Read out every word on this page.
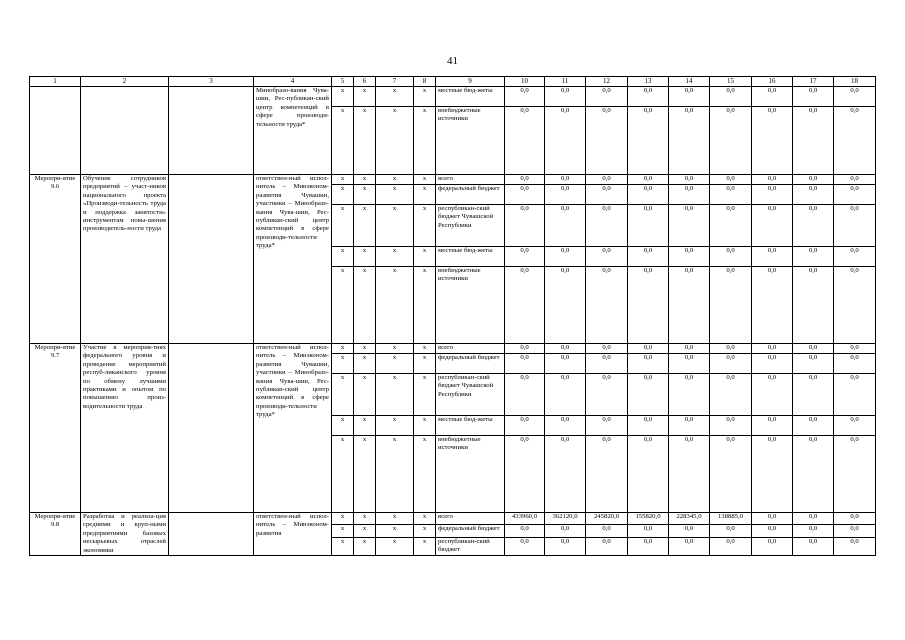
41
1	2	3	4	5	6	7	8	9	10	11	12	13	14	15	16	17	18
			Минобразо-вания Чува-шии, Рес-публикан-ский центр компетенций в сфере производи-тельности труда*	x	x	x	x	местные бюд-жеты	0,0	0,0	0,0	0,0	0,0	0,0	0,0	0,0	0,0
				x	x	x	x	внебюджетные источники	0,0	0,0	0,0	0,0	0,0	0,0	0,0	0,0	0,0
Меропри-ятие 9.6	Обучение сотрудников предприятий – участ-ников национального проекта «Производи-тельность труда и поддержка занятости» инструментам повы-шения производитель-ности труда		ответствен-ный испол-нитель – Минэконом-развития Чувашии, участники – Минобразо-вания Чува-шии, Рес-публикан-ский центр компетенций в сфере производи-тельности труда*	x	x	x	x	всего	0,0	0,0	0,0	0,0	0,0	0,0	0,0	0,0	0,0
				x	x	x	x	федеральный бюджет	0,0	0,0	0,0	0,0	0,0	0,0	0,0	0,0	0,0
				x	x	x	x	республикан-ский бюджет Чувашской Республики	0,0	0,0	0,0	0,0	0,0	0,0	0,0	0,0	0,0
				x	x	x	x	местные бюд-жеты	0,0	0,0	0,0	0,0	0,0	0,0	0,0	0,0	0,0
				x	x	x	x	внебюджетные источники	0,0	0,0	0,0	0,0	0,0	0,0	0,0	0,0	0,0
Меропри-ятие 9.7	Участие в мероприя-тиях федерального уровня и проведение мероприятий респуб-ликанского уровня по обмену лучшими практиками и опытом по повышению произ-водительности труда		ответствен-ный испол-нитель – Минэконом-развития Чувашии, участники – Минобразо-вания Чува-шии, Рес-публикан-ский центр компетенций в сфере производи-тельности труда*	x	x	x	x	всего	0,0	0,0	0,0	0,0	0,0	0,0	0,0	0,0	0,0
				x	x	x	x	федеральный бюджет	0,0	0,0	0,0	0,0	0,0	0,0	0,0	0,0	0,0
				x	x	x	x	республикан-ский бюджет Чувашской Республики	0,0	0,0	0,0	0,0	0,0	0,0	0,0	0,0	0,0
				x	x	x	x	местные бюд-жеты	0,0	0,0	0,0	0,0	0,0	0,0	0,0	0,0	0,0
				x	x	x	x	внебюджетные источники	0,0	0,0	0,0	0,0	0,0	0,0	0,0	0,0	0,0
Меропри-ятие 9.8	Разработка и реализа-ция средними и круп-ными предприятиями базовых несырьевых отраслей экономики		ответствен-ный испол-нитель – Минэконом-развития	x	x	x	x	всего	433960,0	362120,0	245820,0	155820,0	228345,0	138885,0	0,0	0,0	0,0
				x	x	x	x	федеральный бюджет	0,0	0,0	0,0	0,0	0,0	0,0	0,0	0,0	0,0
				x	x	x	x	республикан-ский бюджет	0,0	0,0	0,0	0,0	0,0	0,0	0,0	0,0	0,0
